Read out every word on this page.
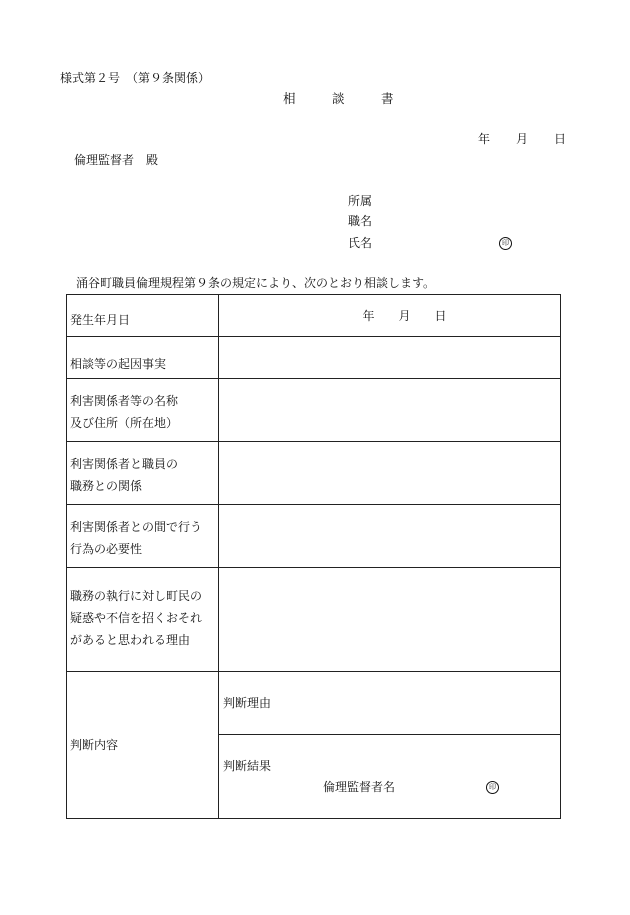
様式第２号　（第９条関係）
相　談　書
年 月 日
倫理監督者　殿
所属
職名
氏名	印
涌谷町職員倫理規程第９条の規定により、次のとおり相談します。
発生年月日	年　　月　　日
相談等の起因事実	

利害関係者等の名称
及び住所（所在地）	

利害関係者と職員の
職務との関係	

利害関係者との間で行う
行為の必要性	

職務の執行に対し町民の
疑惑や不信を招くおそれ
があると思われる理由	

判断内容	判断理由

	判断結果
倫理監督者名 印
